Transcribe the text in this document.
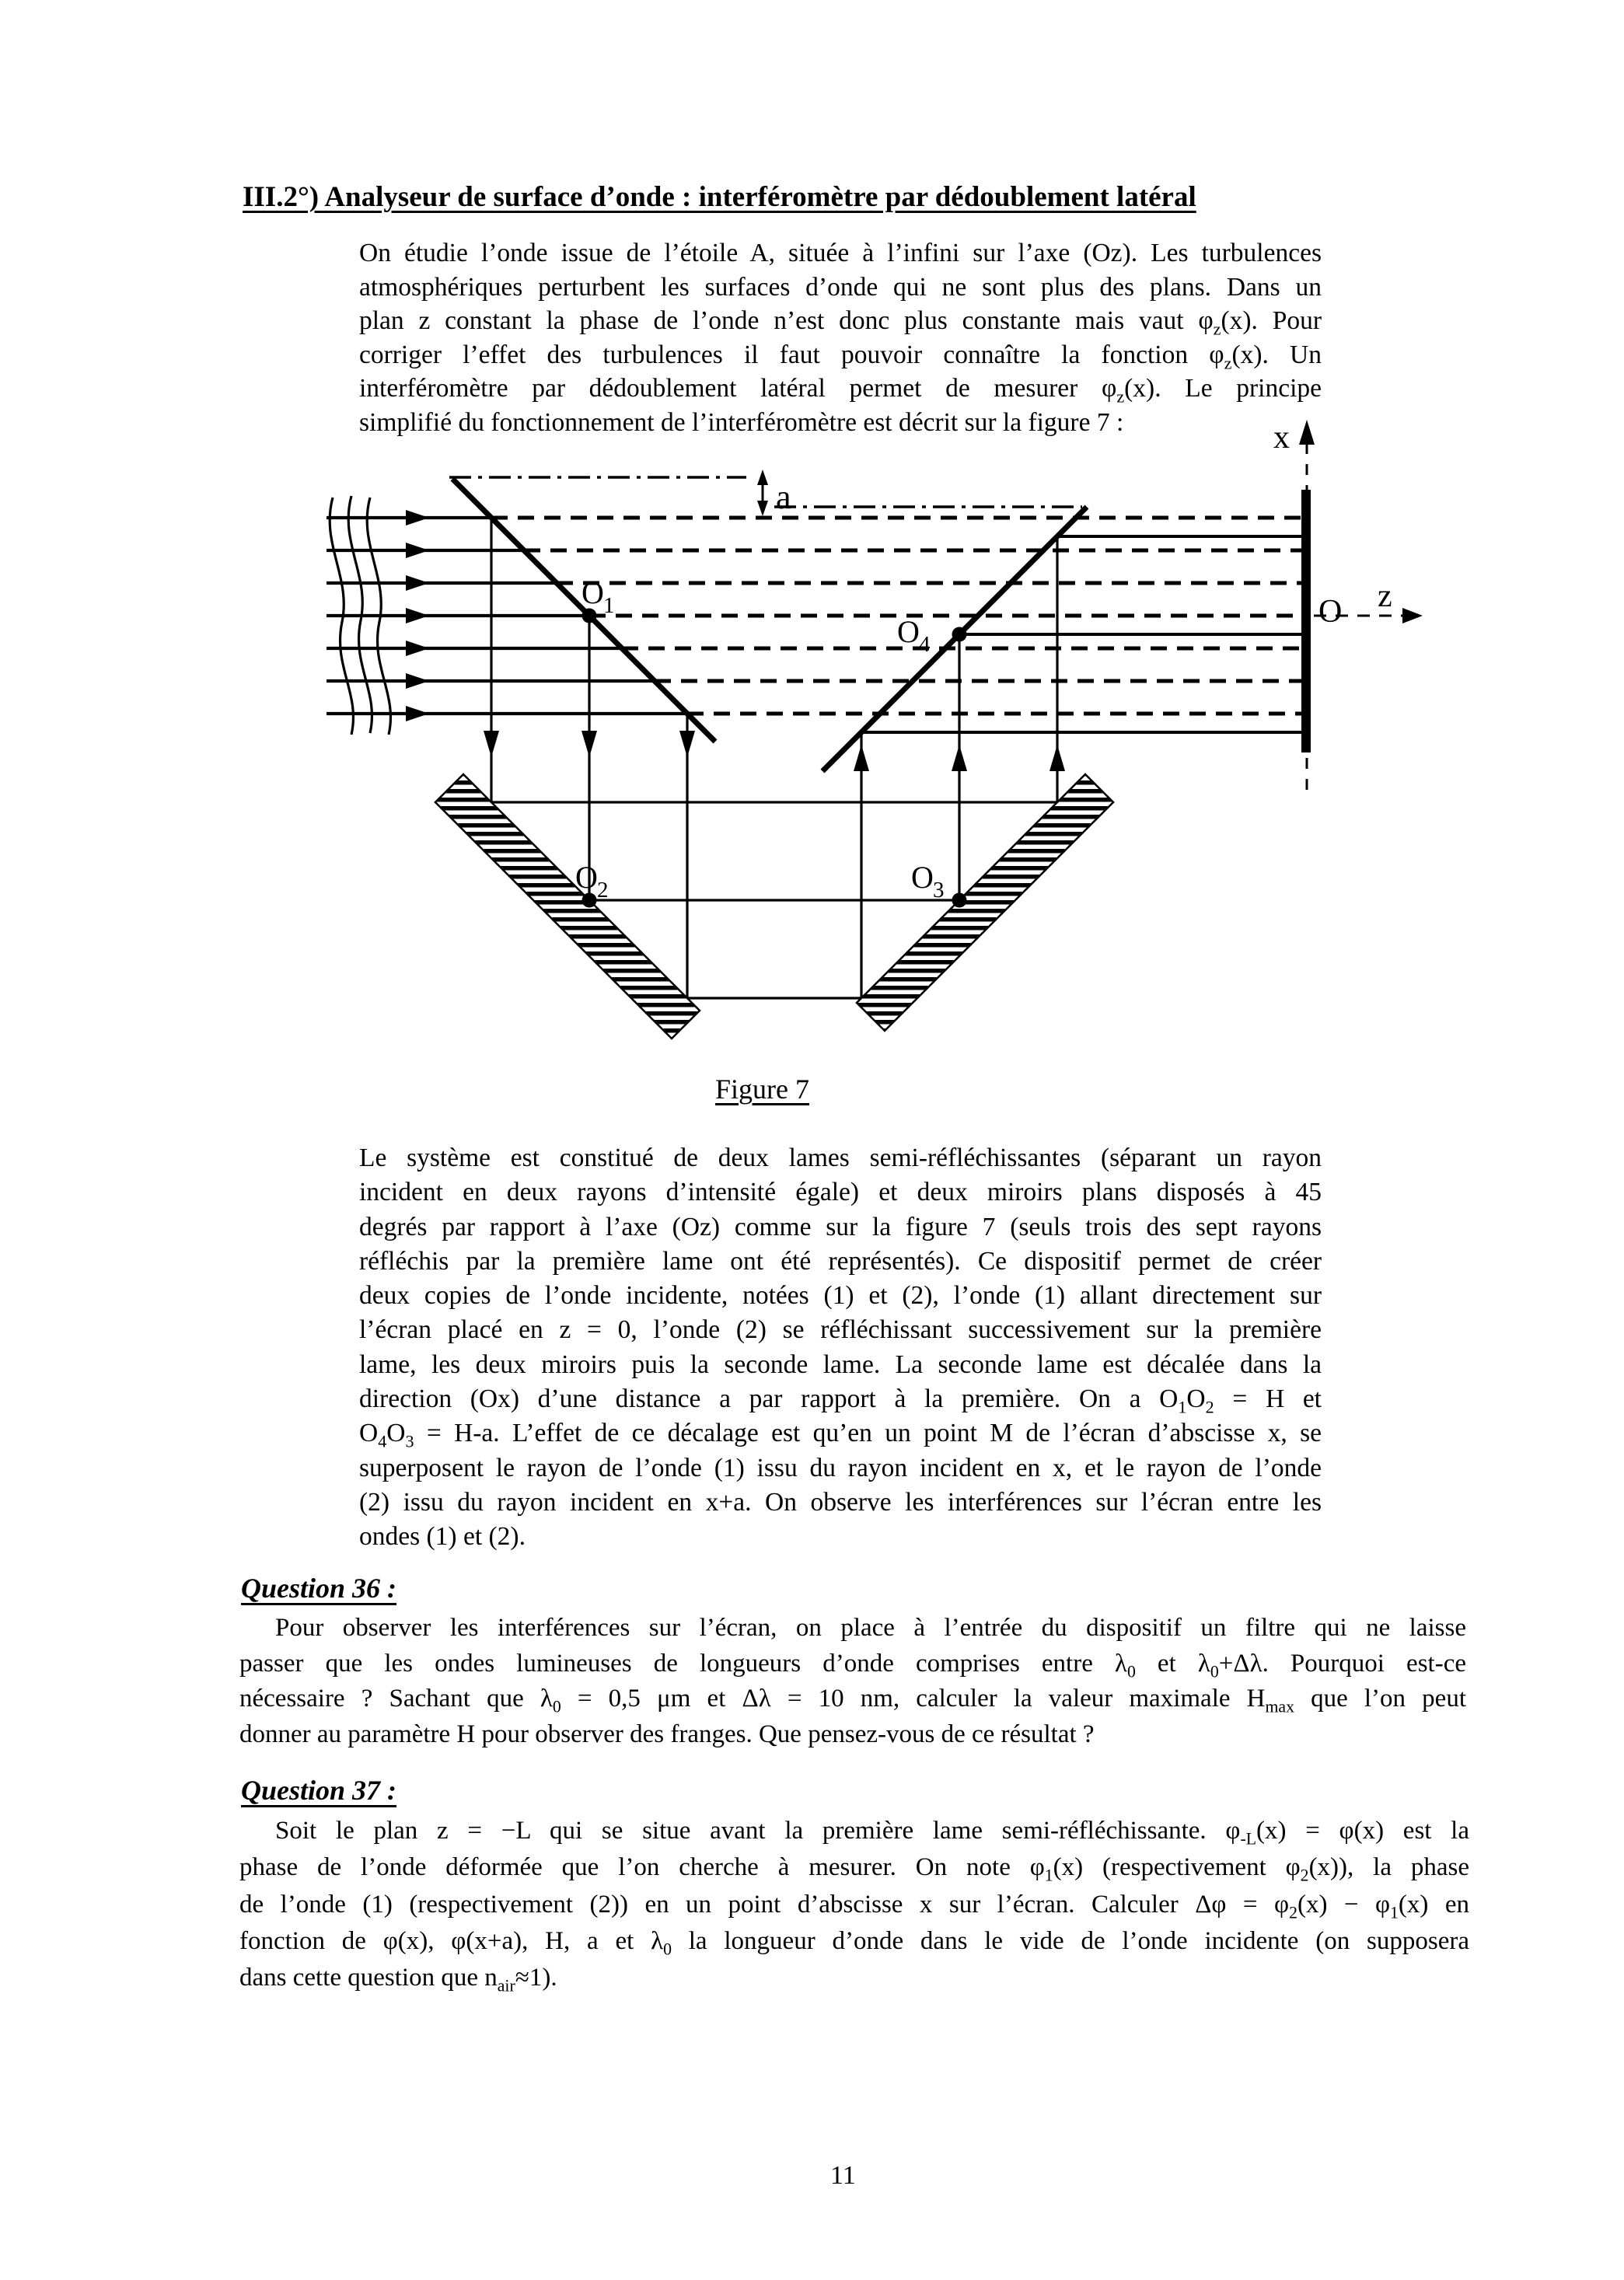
III.2°) Analyseur de surface d’onde : interféromètre par dédoublement latéral
On étudie l’onde issue de l’étoile A, située à l’infini sur l’axe (Oz). Les turbulences
atmosphériques perturbent les surfaces d’onde qui ne sont plus des plans. Dans un
plan z constant la phase de l’onde n’est donc plus constante mais vaut $\varphi_z(x)$. Pour
corriger l’effet des turbulences il faut pouvoir connaître la fonction $\varphi_z(x)$. Un
interféromètre par dédoublement latéral permet de mesurer $\varphi_z(x)$. Le principe
simplifié du fonctionnement de l’interféromètre est décrit sur la figure 7 :
a
x
z
O
O 1
O 2	O 3
O 4
Figure 7
Le système est constitué de deux lames semi-réfléchissantes (séparant un rayon
incident en deux rayons d’intensité égale) et deux miroirs plans disposés à 45
degrés par rapport à l’axe (Oz) comme sur la figure 7 (seuls trois des sept rayons
réfléchis par la première lame ont été représentés). Ce dispositif permet de créer
deux copies de l’onde incidente, notées (1) et (2), l’onde (1) allant directement sur
l’écran placé en z = 0, l’onde (2) se réfléchissant successivement sur la première
lame, les deux miroirs puis la seconde lame. La seconde lame est décalée dans la
direction (Ox) d’une distance a par rapport à la première. On a $O_1O_2 = H$ et
$O_4O_3 = H-a$. L’effet de ce décalage est qu’en un point M de l’écran d’abscisse x, se
superposent le rayon de l’onde (1) issu du rayon incident en x, et le rayon de l’onde
(2) issu du rayon incident en x+a. On observe les interférences sur l’écran entre les
ondes (1) et (2).
Question 36 :
Pour observer les interférences sur l’écran, on place à l’entrée du dispositif un filtre qui ne laisse
passer que les ondes lumineuses de longueurs d’onde comprises entre $\lambda_0$ et $\lambda_0+\Delta\lambda$. Pourquoi est-ce
nécessaire ? Sachant que $\lambda_0 = 0,5$ μm et Δλ = 10 nm, calculer la valeur maximale $H_{max}$ que l’on peut
donner au paramètre H pour observer des franges. Que pensez-vous de ce résultat ?
Question 37 :
Soit le plan z = −L qui se situe avant la première lame semi-réfléchissante. $\varphi_{-L}(x) = \varphi(x)$ est la
phase de l’onde déformée que l’on cherche à mesurer. On note $\varphi_1(x)$ (respectivement $\varphi_2(x)$), la phase
de l’onde (1) (respectivement (2)) en un point d’abscisse x sur l’écran. Calculer $\Delta\varphi = \varphi_2(x) - \varphi_1(x)$ en
fonction de φ(x), φ(x+a), H, a et $\lambda_0$ la longueur d’onde dans le vide de l’onde incidente (on supposera
dans cette question que $n_{air}\approx 1$).
11
